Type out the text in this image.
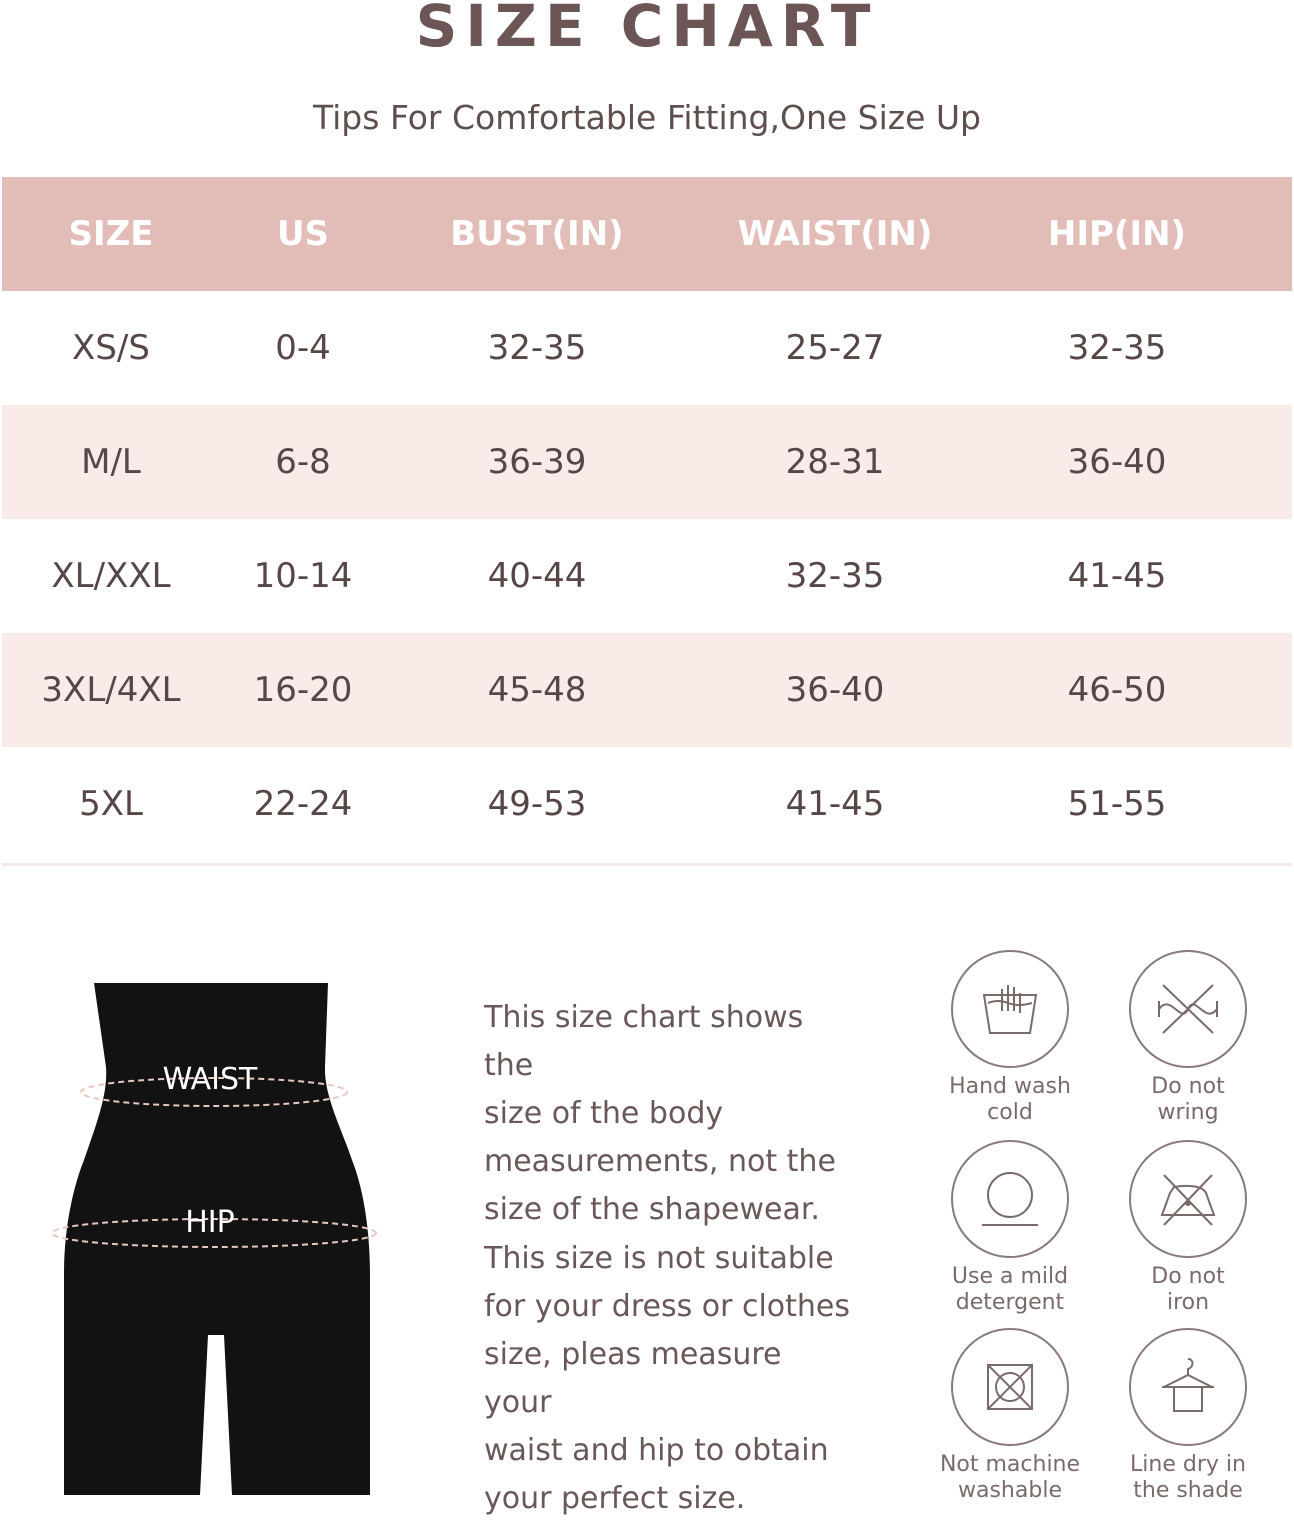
SIZE CHART
Tips For Comfortable Fitting,One Size Up
SIZE	US	BUST(IN)	WAIST(IN)	HIP(IN)
XS/S	0-4	32-35	25-27	32-35
M/L	6-8	36-39	28-31	36-40
XL/XXL	10-14	40-44	32-35	41-45
3XL/4XL	16-20	45-48	36-40	46-50
5XL	22-24	49-53	41-45	51-55
WAIST
HIP
This size chart shows the
size of the body
measurements, not the
size of the shapewear.
This size is not suitable
for your dress or clothes
size, pleas measure your
waist and hip to obtain
your perfect size.
Hand wash
cold
Do not
wring
Use a mild
detergent
Do not
iron
Not machine
washable
Line dry in
the shade
